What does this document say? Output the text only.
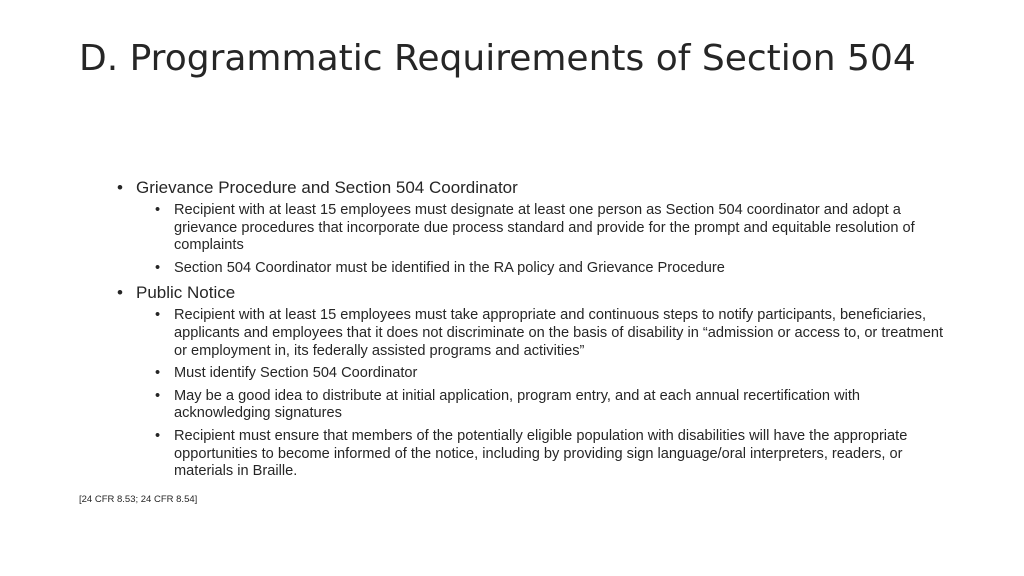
D. Programmatic Requirements of Section 504
• Grievance Procedure and Section 504 Coordinator
• Recipient with at least 15 employees must designate at least one person as Section 504 coordinator and adopt a grievance procedures that incorporate due process standard and provide for the prompt and equitable resolution of complaints
• Section 504 Coordinator must be identified in the RA policy and Grievance Procedure
• Public Notice
• Recipient with at least 15 employees must take appropriate and continuous steps to notify participants, beneficiaries, applicants and employees that it does not discriminate on the basis of disability in “admission or access to, or treatment or employment in, its federally assisted programs and activities”
• Must identify Section 504 Coordinator
• May be a good idea to distribute at initial application, program entry, and at each annual recertification with acknowledging signatures
• Recipient must ensure that members of the potentially eligible population with disabilities will have the appropriate opportunities to become informed of the notice, including by providing sign language/oral interpreters, readers, or materials in Braille.
[24 CFR 8.53; 24 CFR 8.54]
